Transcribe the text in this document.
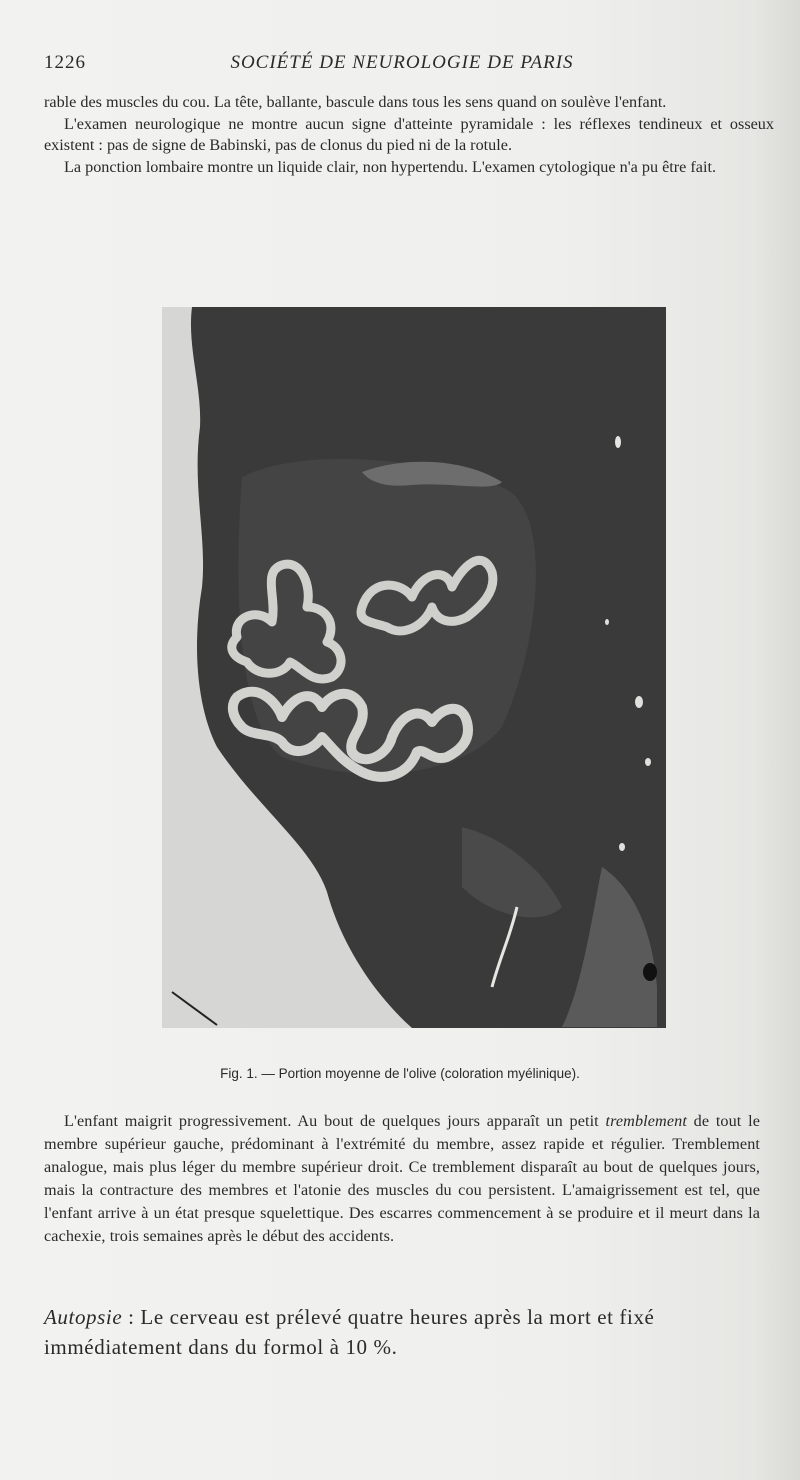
1226	SOCIÉTÉ DE NEUROLOGIE DE PARIS

rable des muscles du cou. La tête, ballante, bascule dans tous les sens quand on soulève l'enfant.

L'examen neurologique ne montre aucun signe d'atteinte pyramidale : les réflexes tendineux et osseux existent : pas de signe de Babinski, pas de clonus du pied ni de la rotule.

La ponction lombaire montre un liquide clair, non hypertendu. L'examen cytologique n'a pu être fait.

Fig. 1. — Portion moyenne de l'olive (coloration myélinique).

L'enfant maigrit progressivement. Au bout de quelques jours apparaît un petit tremblement de tout le membre supérieur gauche, prédominant à l'extrémité du membre, assez rapide et régulier. Tremblement analogue, mais plus léger du membre supérieur droit. Ce tremblement disparaît au bout de quelques jours, mais la contracture des membres et l'atonie des muscles du cou persistent. L'amaigrissement est tel, que l'enfant arrive à un état presque squelettique. Des escarres commencement à se produire et il meurt dans la cachexie, trois semaines après le début des accidents.

Autopsie : Le cerveau est prélevé quatre heures après la mort et fixé immédiatement dans du formol à 10 %.
